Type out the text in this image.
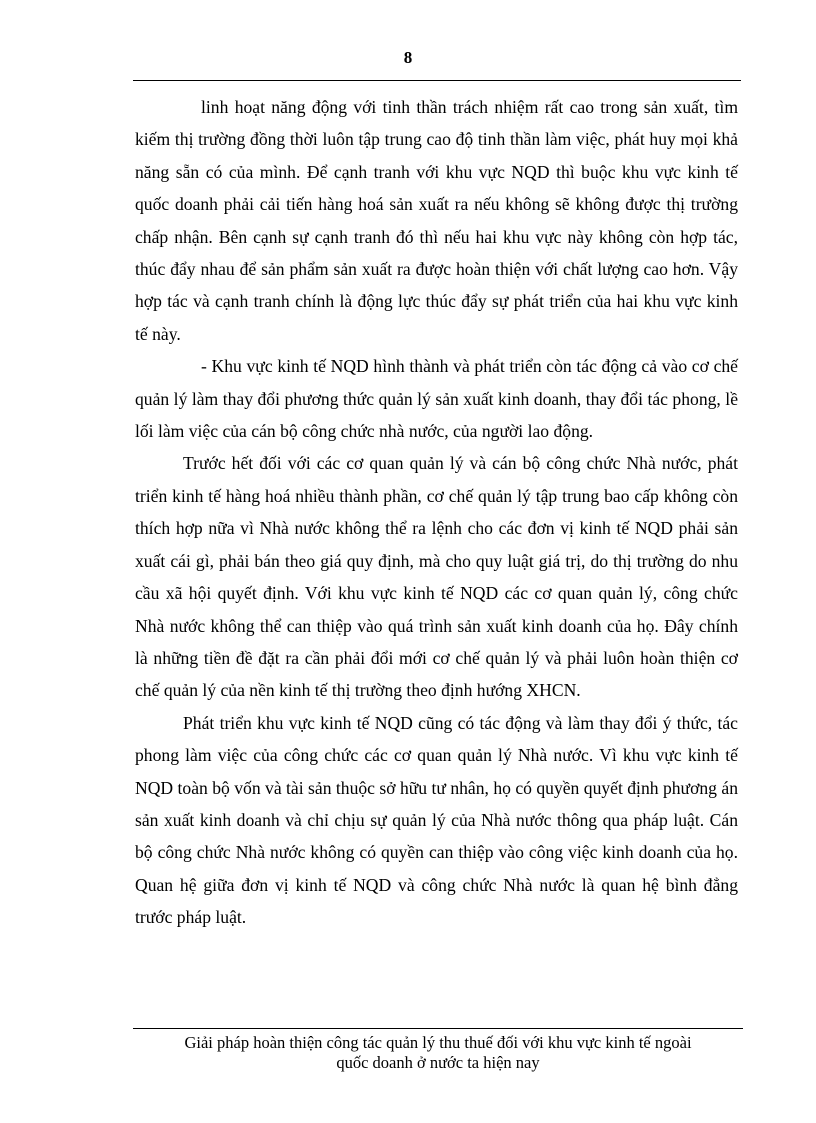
8

linh hoạt năng động với tinh thần trách nhiệm rất cao trong sản xuất, tìm kiếm thị trường đồng thời luôn tập trung cao độ tinh thần làm việc, phát huy mọi khả năng sẵn có của mình. Để cạnh tranh với khu vực NQD thì buộc khu vực kinh tế quốc doanh phải cải tiến hàng hoá sản xuất ra nếu không sẽ không được thị trường chấp nhận. Bên cạnh sự cạnh tranh đó thì nếu hai khu vực này không còn hợp tác, thúc đẩy nhau để sản phẩm sản xuất ra được hoàn thiện với chất lượng cao hơn. Vậy hợp tác và cạnh tranh chính là động lực thúc đẩy sự phát triển của hai khu vực kinh tế này.

- Khu vực kinh tế NQD hình thành và phát triển còn tác động cả vào cơ chế quản lý làm thay đổi phương thức quản lý sản xuất kinh doanh, thay đổi tác phong, lề lối làm việc của cán bộ công chức nhà nước, của người lao động.

Trước hết đối với các cơ quan quản lý và cán bộ công chức Nhà nước, phát triển kinh tế hàng hoá nhiều thành phần, cơ chế quản lý tập trung bao cấp không còn thích hợp nữa vì Nhà nước không thể ra lệnh cho các đơn vị kinh tế NQD phải sản xuất cái gì, phải bán theo giá quy định, mà cho quy luật giá trị, do thị trường do nhu cầu xã hội quyết định. Với khu vực kinh tế NQD các cơ quan quản lý, công chức Nhà nước không thể can thiệp vào quá trình sản xuất kinh doanh của họ. Đây chính là những tiền đề đặt ra cần phải đổi mới cơ chế quản lý và phải luôn hoàn thiện cơ chế quản lý của nền kinh tế thị trường theo định hướng XHCN.

Phát triển khu vực kinh tế NQD cũng có tác động và làm thay đổi ý thức, tác phong làm việc của công chức các cơ quan quản lý Nhà nước. Vì khu vực kinh tế NQD toàn bộ vốn và tài sản thuộc sở hữu tư nhân, họ có quyền quyết định phương án sản xuất kinh doanh và chỉ chịu sự quản lý của Nhà nước thông qua pháp luật. Cán bộ công chức Nhà nước không có quyền can thiệp vào công việc kinh doanh của họ. Quan hệ giữa đơn vị kinh tế NQD và công chức Nhà nước là quan hệ bình đẳng trước pháp luật.

Giải pháp hoàn thiện công tác quản lý thu thuế đối với khu vực kinh tế ngoài
quốc doanh ở nước ta hiện nay
